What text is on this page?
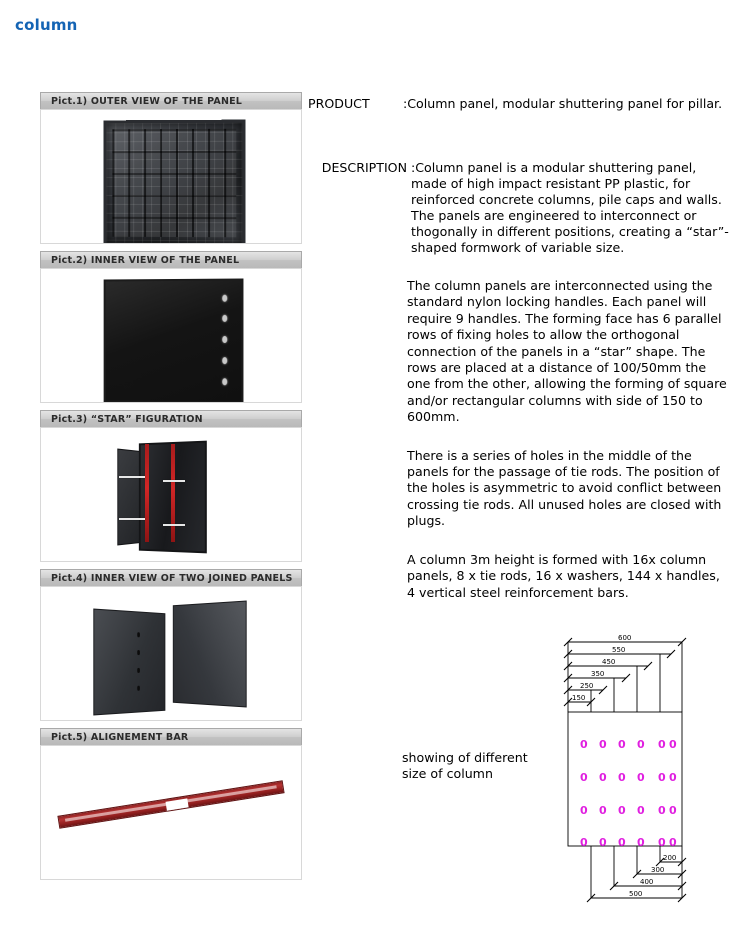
column
Pict.1) OUTER VIEW OF THE PANEL
Pict.2) INNER VIEW OF THE PANEL
Pict.3) “STAR” FIGURATION
Pict.4) INNER VIEW OF TWO JOINED PANELS
Pict.5) ALIGNEMENT BAR
PRODUCT	:Column panel, modular shuttering panel for pillar.
DESCRIPTION :Column panel is a modular shuttering panel, made of high impact resistant PP plastic, for reinforced concrete columns, pile caps and walls. The panels are engineered to interconnect or thogonally in different positions, creating a “star”-shaped formwork of variable size.
The column panels are interconnected using the standard nylon locking handles. Each panel will require 9 handles. The forming face has 6 parallel rows of fixing holes to allow the orthogonal connection of the panels in a “star” shape. The rows are placed at a distance of 100/50mm the one from the other, allowing the forming of square and/or rectangular columns with side of 150 to 600mm.
There is a series of holes in the middle of the panels for the passage of tie rods. The position of the holes is asymmetric to avoid conflict between crossing tie rods. All unused holes are closed with plugs.
A column 3m height is formed with 16x column panels, 8 x tie rods, 16 x washers, 144 x handles, 4 vertical steel reinforcement bars.
showing of different size of column
600
550
450
350
250
150
200
300
400
500
0 0 0 0 0 0
0 0 0 0 0 0
0 0 0 0 0 0
0 0 0 0 0 0
